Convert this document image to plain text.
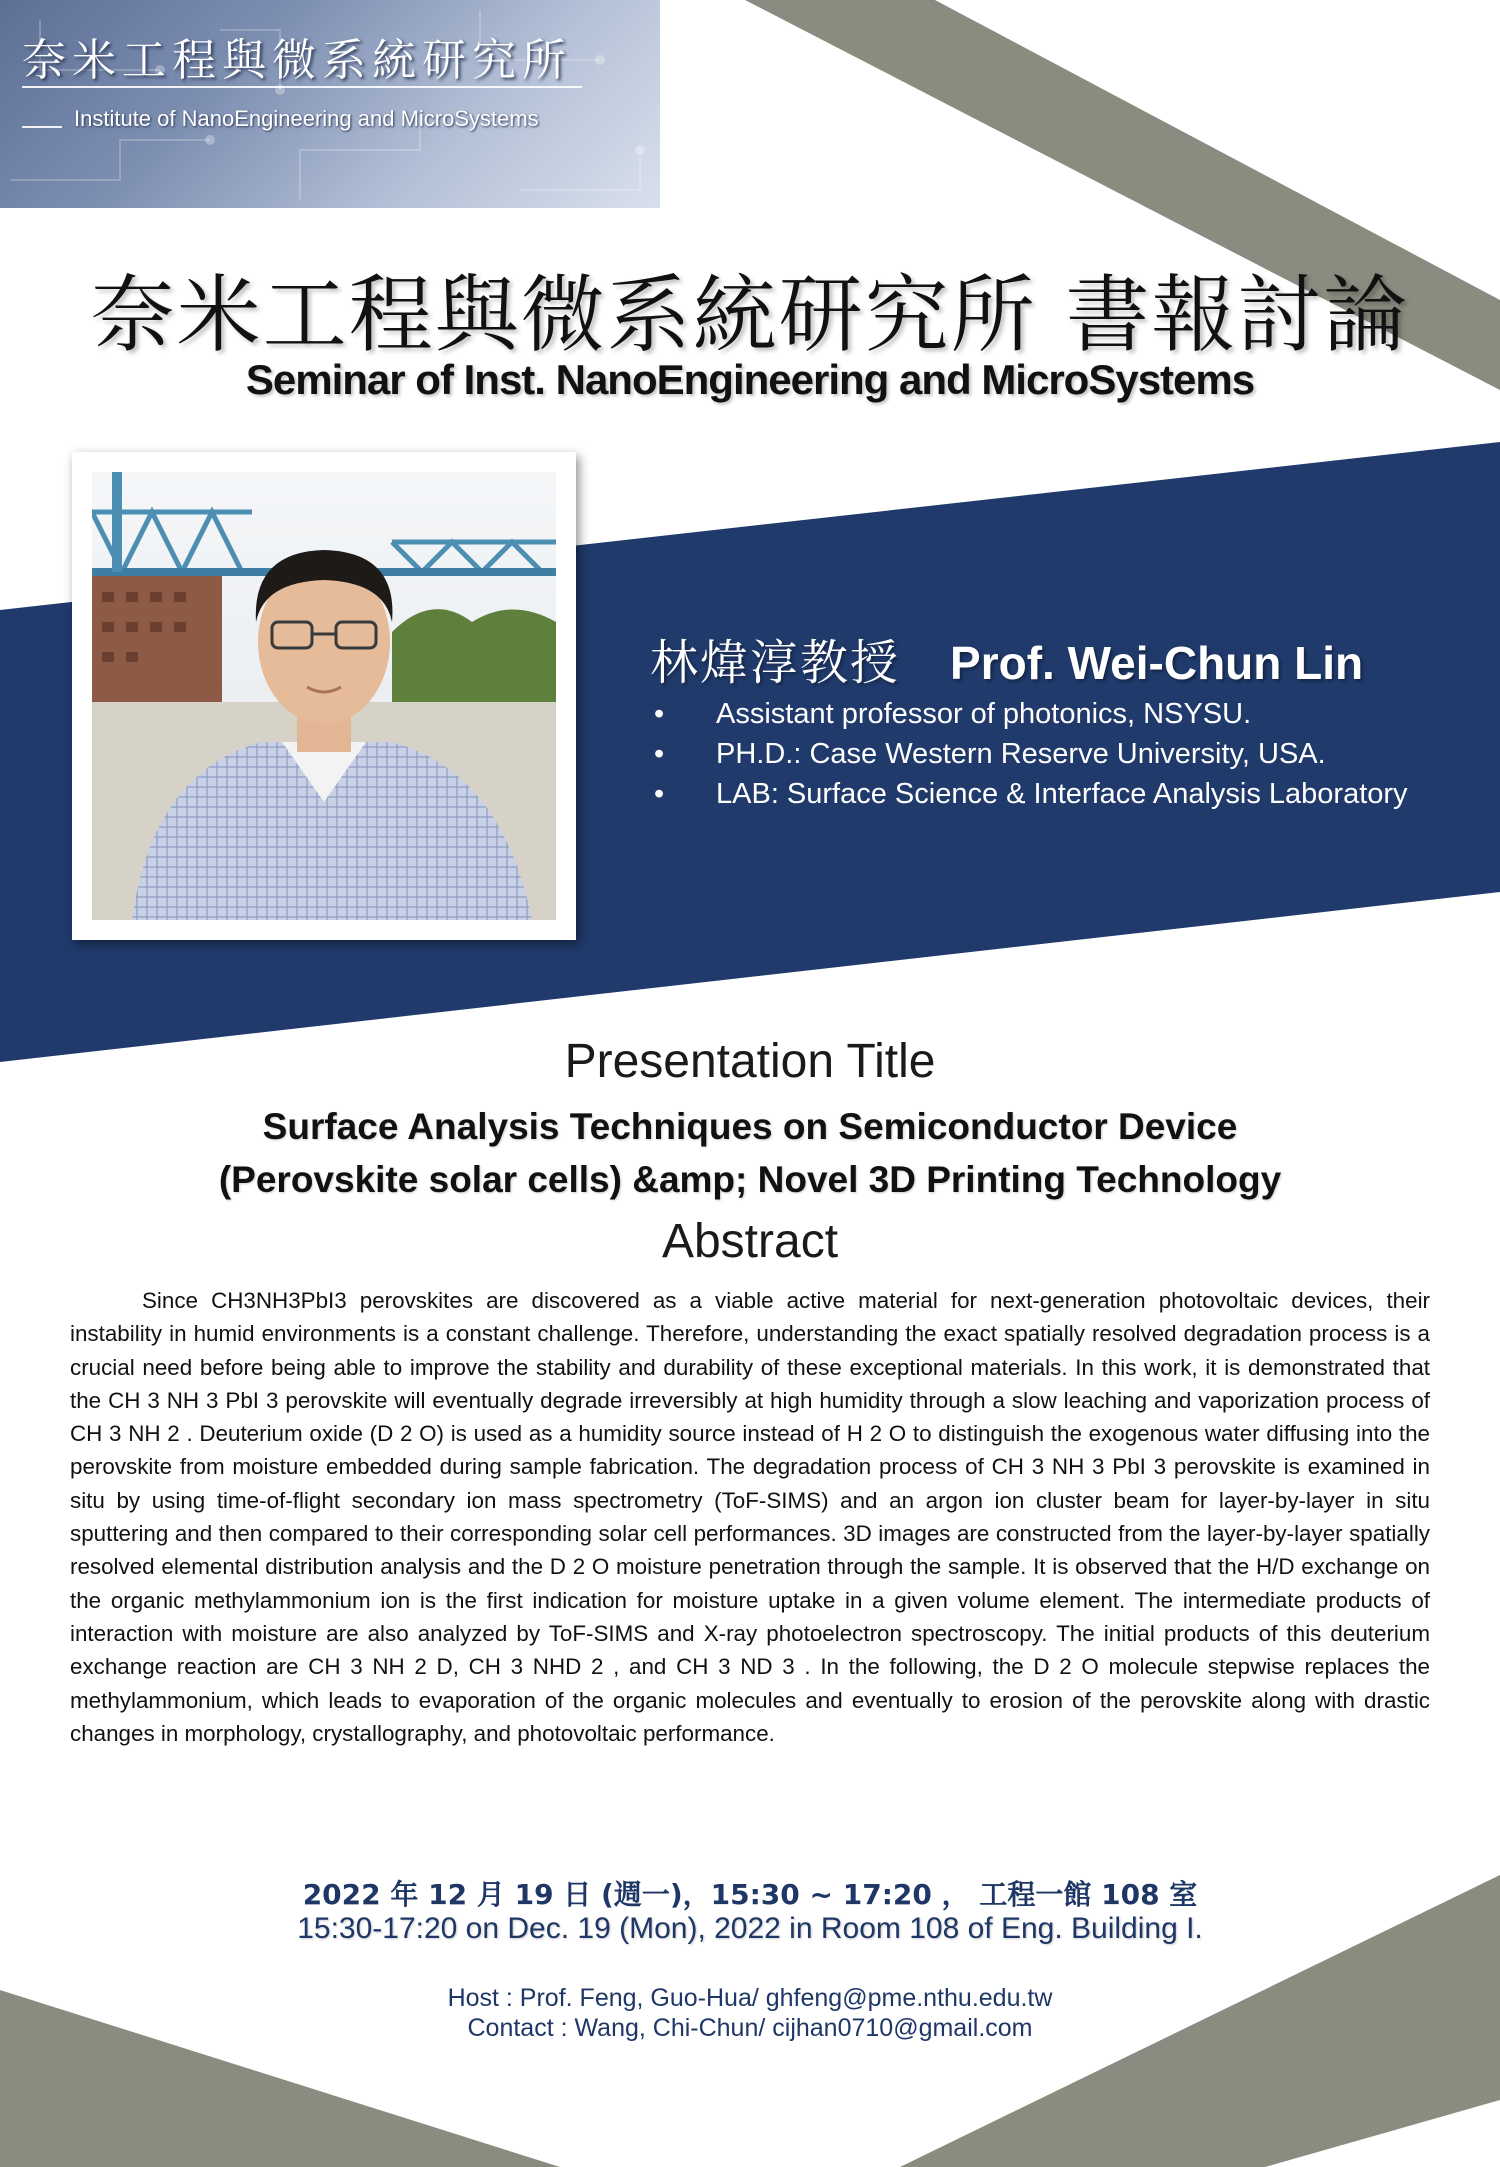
奈米工程與微系統研究所
Institute of NanoEngineering and MicroSystems
奈米工程與微系統研究所 書報討論
Seminar of Inst. NanoEngineering and MicroSystems
林煒淳教授 Prof. Wei-Chun Lin
• Assistant professor of photonics, NSYSU.
• PH.D.: Case Western Reserve University, USA.
• LAB: Surface Science & Interface Analysis Laboratory
Presentation Title
Surface Analysis Techniques on Semiconductor Device
(Perovskite solar cells) &amp; Novel 3D Printing Technology
Abstract

Since CH3NH3PbI3 perovskites are discovered as a viable active material for next-generation photovoltaic devices, their instability in humid environments is a constant challenge. Therefore, understanding the exact spatially resolved degradation process is a crucial need before being able to improve the stability and durability of these exceptional materials. In this work, it is demonstrated that the CH 3 NH 3 PbI 3 perovskite will eventually degrade irreversibly at high humidity through a slow leaching and vaporization process of CH 3 NH 2 . Deuterium oxide (D 2 O) is used as a humidity source instead of H 2 O to distinguish the exogenous water diffusing into the perovskite from moisture embedded during sample fabrication. The degradation process of CH 3 NH 3 PbI 3 perovskite is examined in situ by using time-of-flight secondary ion mass spectrometry (ToF-SIMS) and an argon ion cluster beam for layer-by-layer in situ sputtering and then compared to their corresponding solar cell performances. 3D images are constructed from the layer-by-layer spatially resolved elemental distribution analysis and the D 2 O moisture penetration through the sample. It is observed that the H/D exchange on the organic methylammonium ion is the first indication for moisture uptake in a given volume element. The intermediate products of interaction with moisture are also analyzed by ToF-SIMS and X-ray photoelectron spectroscopy. The initial products of this deuterium exchange reaction are CH 3 NH 2 D, CH 3 NHD 2 , and CH 3 ND 3 . In the following, the D 2 O molecule stepwise replaces the methylammonium, which leads to evaporation of the organic molecules and eventually to erosion of the perovskite along with drastic changes in morphology, crystallography, and photovoltaic performance.

2022 年 12 月 19 日 (週一)，15:30 ~ 17:20 ， 工程一館 108 室
15:30-17:20 on Dec. 19 (Mon), 2022 in Room 108 of Eng. Building I.
Host : Prof. Feng, Guo-Hua/ ghfeng@pme.nthu.edu.tw
Contact : Wang, Chi-Chun/ cijhan0710@gmail.com
